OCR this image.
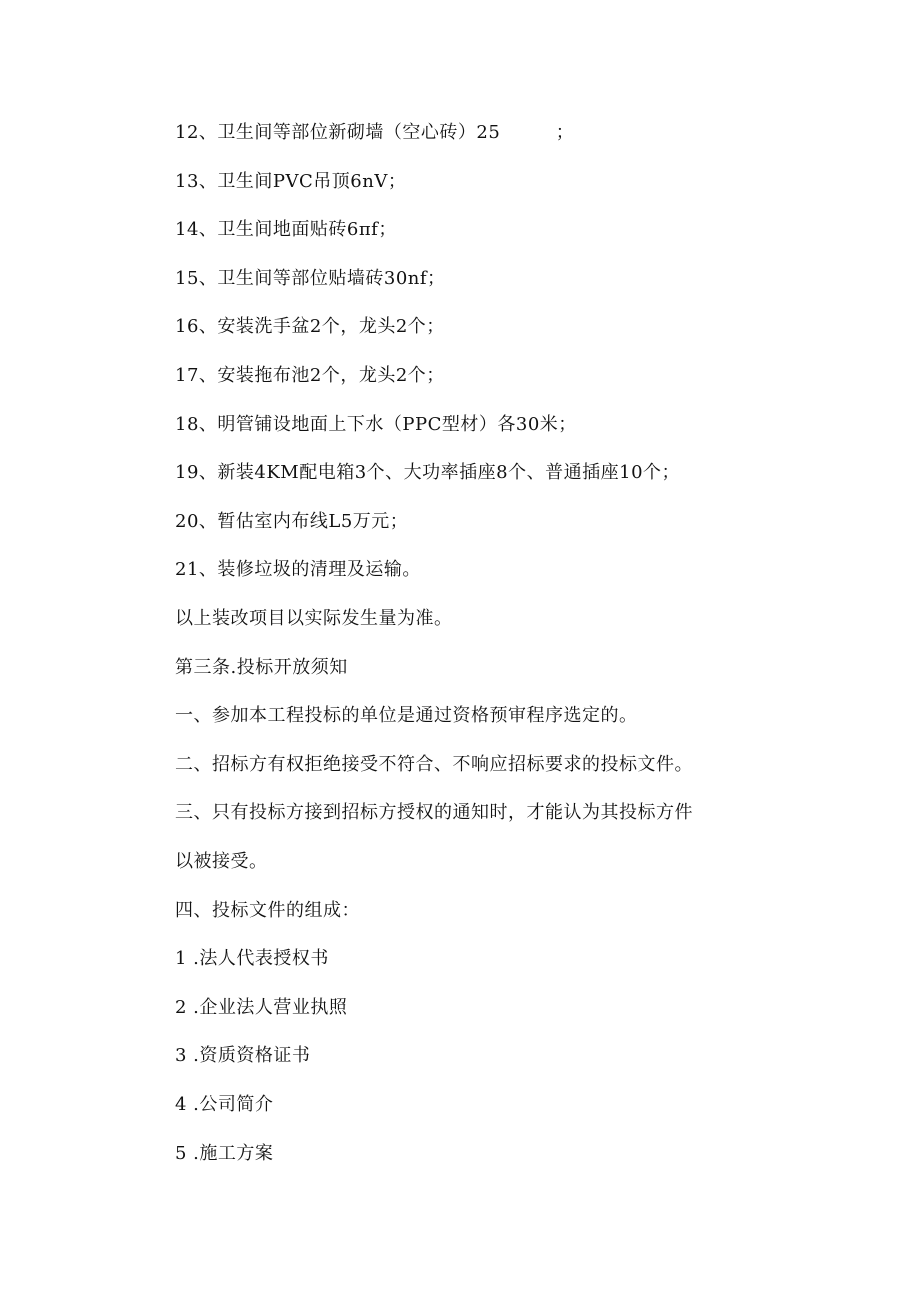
12、卫生间等部位新砌墙（空心砖）25　　　；
13、卫生间PVC吊顶6nV；
14、卫生间地面贴砖6πf；
15、卫生间等部位贴墙砖30nf；
16、安装洗手盆2个，龙头2个；
17、安装拖布池2个，龙头2个；
18、明管铺设地面上下水（PPC型材）各30米；
19、新装4KM配电箱3个、大功率插座8个、普通插座10个；
20、暂估室内布线L5万元；
21、装修垃圾的清理及运输。
以上装改项目以实际发生量为准。
第三条.投标开放须知
一、参加本工程投标的单位是通过资格预审程序选定的。
二、招标方有权拒绝接受不符合、不响应招标要求的投标文件。
三、只有投标方接到招标方授权的通知时，才能认为其投标方件
以被接受。
四、投标文件的组成：
1 .法人代表授权书
2 .企业法人营业执照
3 .资质资格证书
4 .公司简介
5 .施工方案
